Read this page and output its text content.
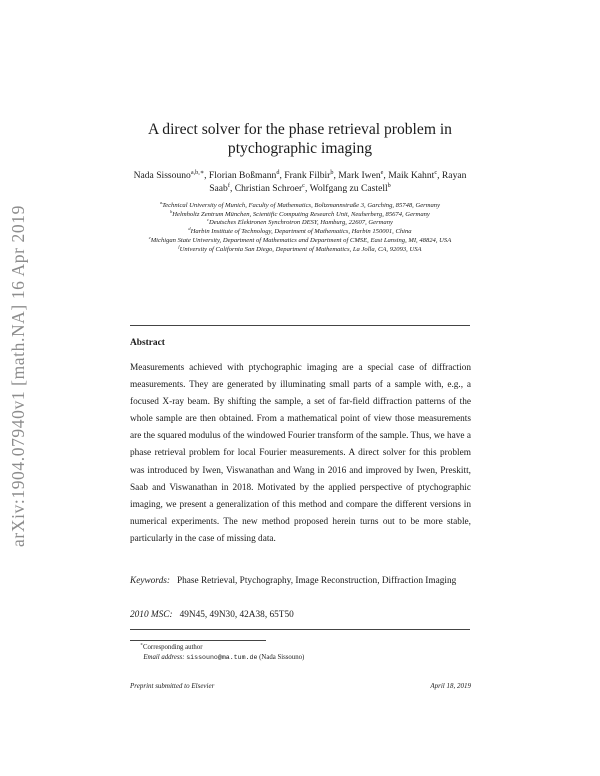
arXiv:1904.07940v1 [math.NA] 16 Apr 2019
A direct solver for the phase retrieval problem in ptychographic imaging
Nada Sissouno$^{a,b,∗}$, Florian Boßmann$^d$, Frank Filbir$^b$, Mark Iwen$^e$, Maik Kahnt$^c$, Rayan Saab$^f$, Christian Schroer$^c$, Wolfgang zu Castell$^b$
$^a$Technical University of Munich, Faculty of Mathematics, Boltzmannstraße 3, Garching, 85748, Germany
$^b$Helmholtz Zentrum München, Scientific Computing Research Unit, Neuherberg, 85674, Germany
$^c$Deutsches Elektronen Synchrotron DESY, Hamburg, 22607, Germany
$^d$Harbin Institute of Technology, Department of Mathematics, Harbin 150001, China
$^e$Michigan State University, Department of Mathematics and Department of CMSE, East Lansing, MI, 48824, USA
$^f$University of California San Diego, Department of Mathematics, La Jolla, CA, 92093, USA
Abstract
Measurements achieved with ptychographic imaging are a special case of diffraction measurements. They are generated by illuminating small parts of a sample with, e.g., a focused X-ray beam. By shifting the sample, a set of far-field diffraction patterns of the whole sample are then obtained. From a mathematical point of view those measurements are the squared modulus of the windowed Fourier transform of the sample. Thus, we have a phase retrieval problem for local Fourier measurements. A direct solver for this problem was introduced by Iwen, Viswanathan and Wang in 2016 and improved by Iwen, Preskitt, Saab and Viswanathan in 2018. Motivated by the applied perspective of ptychographic imaging, we present a generalization of this method and compare the different versions in numerical experiments. The new method proposed herein turns out to be more stable, particularly in the case of missing data.
Keywords: Phase Retrieval, Ptychography, Image Reconstruction, Diffraction Imaging
2010 MSC: 49N45, 49N30, 42A38, 65T50
∗Corresponding author
Email address: sissouno@ma.tum.de (Nada Sissouno)
Preprint submitted to Elsevier	April 18, 2019
